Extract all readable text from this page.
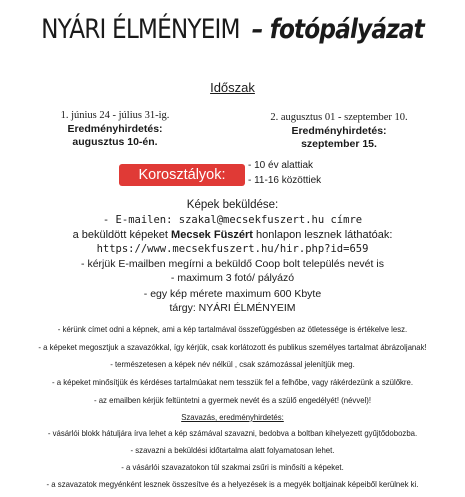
NYÁRI ÉLMÉNYEIM – fotópályázat
Időszak
1. június 24 - július 31-ig.
Eredményhirdetés:
augusztus 10-én.
2. augusztus 01 - szeptember 10.
Eredményhirdetés:
szeptember 15.
Korosztályok:
- 10 év alattiak
- 11-16 közöttiek
Képek beküldése:
- E-mailen: szakal@mecsekfuszert.hu címre
a beküldött képeket Mecsek Füszért honlapon lesznek láthatóak:
https://www.mecsekfuszert.hu/hir.php?id=659
- kérjük E-mailben megírni a beküldő Coop bolt település nevét is
- maximum 3 fotó/ pályázó
- egy kép mérete maximum 600 Kbyte
tárgy: NYÁRI ÉLMÉNYEIM
- kérünk címet odni a képnek, ami a kép tartalmával összefüggésben az ötletessége is értékelve lesz.
- a képeket megosztjuk a szavazókkal, így kérjük, csak korlátozott és publikus személyes tartalmat ábrázoljanak!
- természetesen a képek név nélkül , csak számozással jelenítjük meg.
- a képeket minősítjük és kérdéses tartalmúakat nem tesszük fel a felhőbe, vagy rákérdezünk a szülőkre.
- az emailben kérjük feltüntetni a gyermek nevét és a szülő engedélyét! (névvel)!
Szavazás, eredményhirdetés:
- vásárlói blokk hátuljára írva lehet a kép számával szavazni, bedobva a boltban kihelyezett gyűjtődobozba.
- szavazni a beküldési időtartalma alatt folyamatosan lehet.
- a vásárlói szavazatokon túl szakmai zsűri is minősíti a képeket.
- a szavazatok megyénként lesznek összesítve és a helyezések is a megyék boltjainak képeiből kerülnek ki.
